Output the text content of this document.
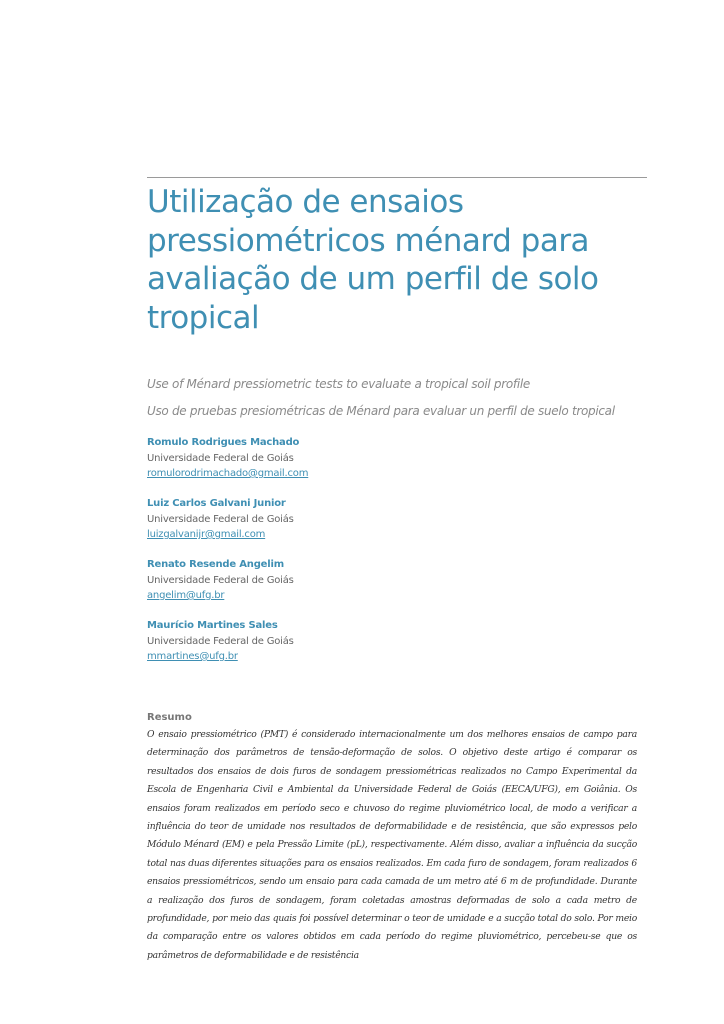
Utilização de ensaios pressiométricos ménard para avaliação de um perfil de solo tropical

Use of Ménard pressiometric tests to evaluate a tropical soil profile

Uso de pruebas presiométricas de Ménard para evaluar un perfil de suelo tropical

Romulo Rodrigues Machado
Universidade Federal de Goiás
romulorodrimachado@gmail.com
Luiz Carlos Galvani Junior
Universidade Federal de Goiás
luizgalvanijr@gmail.com
Renato Resende Angelim
Universidade Federal de Goiás
angelim@ufg.br
Maurício Martines Sales
Universidade Federal de Goiás
mmartines@ufg.br

Resumo

O ensaio pressiométrico (PMT) é considerado internacionalmente um dos melhores ensaios de campo para determinação dos parâmetros de tensão-deformação de solos. O objetivo deste artigo é comparar os resultados dos ensaios de dois furos de sondagem pressiométricas realizados no Campo Experimental da Escola de Engenharia Civil e Ambiental da Universidade Federal de Goiás (EECA/UFG), em Goiânia. Os ensaios foram realizados em período seco e chuvoso do regime pluviométrico local, de modo a verificar a influência do teor de umidade nos resultados de deformabilidade e de resistência, que são expressos pelo Módulo Ménard (EM) e pela Pressão Limite (pL), respectivamente. Além disso, avaliar a influência da sucção total nas duas diferentes situações para os ensaios realizados. Em cada furo de sondagem, foram realizados 6 ensaios pressiométricos, sendo um ensaio para cada camada de um metro até 6 m de profundidade. Durante a realização dos furos de sondagem, foram coletadas amostras deformadas de solo a cada metro de profundidade, por meio das quais foi possível determinar o teor de umidade e a sucção total do solo. Por meio da comparação entre os valores obtidos em cada período do regime pluviométrico, percebeu-se que os parâmetros de deformabilidade e de resistência
